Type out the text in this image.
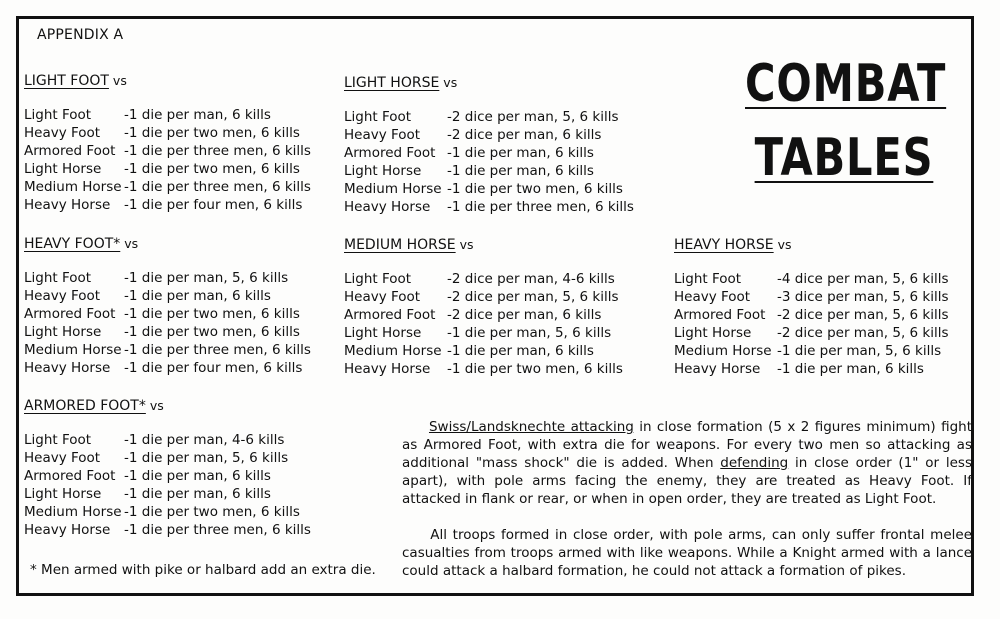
APPENDIX A
COMBAT
TABLES
LIGHT FOOT vs
Light Foot	-1 die per man, 6 kills
Heavy Foot	-1 die per two men, 6 kills
Armored Foot -1 die per three men, 6 kills
Light Horse	-1 die per two men, 6 kills
Medium Horse -1 die per three men, 6 kills
Heavy Horse	-1 die per four men, 6 kills
LIGHT HORSE vs
Light Foot	-2 dice per man, 5, 6 kills
Heavy Foot	-2 dice per man, 6 kills
Armored Foot -1 die per man, 6 kills
Light Horse	-1 die per man, 6 kills
Medium Horse -1 die per two men, 6 kills
Heavy Horse	-1 die per three men, 6 kills
HEAVY FOOT* vs
Light Foot	-1 die per man, 5, 6 kills
Heavy Foot	-1 die per man, 6 kills
Armored Foot -1 die per two men, 6 kills
Light Horse	-1 die per two men, 6 kills
Medium Horse -1 die per three men, 6 kills
Heavy Horse	-1 die per four men, 6 kills
MEDIUM HORSE vs
Light Foot	-2 dice per man, 4-6 kills
Heavy Foot	-2 dice per man, 5, 6 kills
Armored Foot -2 dice per man, 6 kills
Light Horse	-1 die per man, 5, 6 kills
Medium Horse -1 die per man, 6 kills
Heavy Horse	-1 die per two men, 6 kills
HEAVY HORSE vs
Light Foot	-4 dice per man, 5, 6 kills
Heavy Foot	-3 dice per man, 5, 6 kills
Armored Foot -2 dice per man, 5, 6 kills
Light Horse	-2 dice per man, 5, 6 kills
Medium Horse -1 die per man, 5, 6 kills
Heavy Horse	-1 die per man, 6 kills
ARMORED FOOT* vs
Light Foot	-1 die per man, 4-6 kills
Heavy Foot	-1 die per man, 5, 6 kills
Armored Foot -1 die per man, 6 kills
Light Horse	-1 die per man, 6 kills
Medium Horse -1 die per two men, 6 kills
Heavy Horse	-1 die per three men, 6 kills
* Men armed with pike or halbard add an extra die.
Swiss/Landsknechte attacking in close formation (5 x 2 figures minimum) fight as Armored Foot, with extra die for weapons. For every two men so attacking as additional "mass shock" die is added. When defending in close order (1" or less apart), with pole arms facing the enemy, they are treated as Heavy Foot. If attacked in flank or rear, or when in open order, they are treated as Light Foot.
All troops formed in close order, with pole arms, can only suffer frontal melee casualties from troops armed with like weapons. While a Knight armed with a lance could attack a halbard formation, he could not attack a formation of pikes.
